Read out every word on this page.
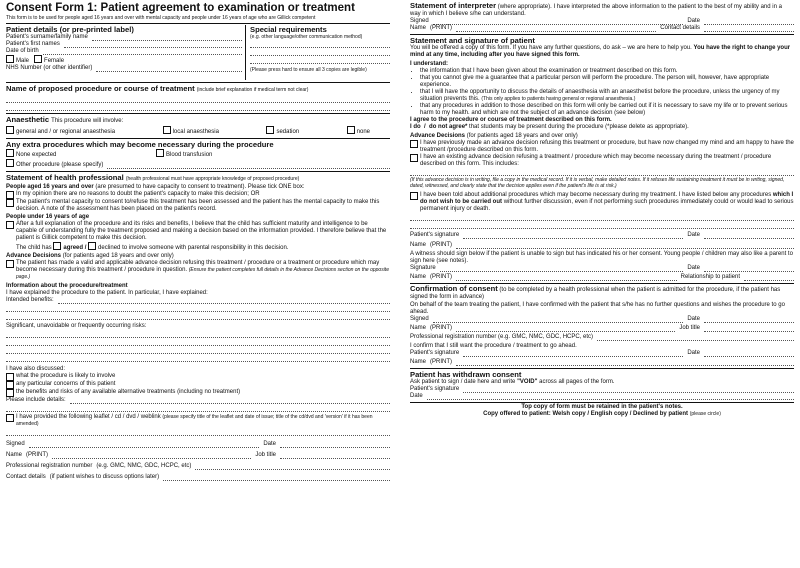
Consent Form 1: Patient agreement to examination or treatment
This form is to be used for people aged 16 years and over with mental capacity and people under 16 years of age who are Gillick competent
Patient details (or pre-printed label)
Patient's surname/family name
Patient's first names
Date of birth
Male	Female
NHS Number (or other identifier)
Special requirements
(e.g. other language/other communication method)
(Please press hard to ensure all 3 copies are legible)
Name of proposed procedure or course of treatment (include brief explanation if medical term not clear)
Anaesthetic This procedure will involve:
general and / or regional anaesthesia	local anaesthesia	sedation	none
Any extra procedures which may become necessary during the procedure
None expected	Blood transfusion
Other procedure (please specify)
Statement of health professional (health professional must have appropriate knowledge of proposed procedure)
People aged 16 years and over (are presumed to have capacity to consent to treatment). Please tick ONE box:
In my opinion there are no reasons to doubt the patient's capacity to make this decision; OR
The patient's mental capacity to consent to/refuse this treatment has been assessed and the patient has the mental capacity to make this decision. A note of the assessment has been placed on the patient's record.
People under 16 years of age
After a full explanation of the procedure and its risks and benefits, I believe that the child has sufficient maturity and intelligence to be capable of understanding fully the treatment proposed and making a decision based on the information provided. I therefore believe that the patient is Gillick competent to make this decision.
The child has agreed / declined to involve someone with parental responsibility in this decision.
Advance Decisions (for patients aged 18 years and over only)
The patient has made a valid and applicable advance decision refusing this treatment / procedure or a treatment or procedure which may become necessary during this treatment / procedure in question. (Ensure the patient completes full details in the Advance Decisions section on the opposite page.)
Information about the procedure/treatment
I have explained the procedure to the patient. In particular, I have explained:
Intended benefits:
Significant, unavoidable or frequently occurring risks:
I have also discussed:
what the procedure is likely to involve
any particular concerns of this patient
the benefits and risks of any available alternative treatments (including no treatment)
Please include details:
I have provided the following leaflet / cd / dvd / weblink (please specify title of the leaflet and date of issue; title of the cd/dvd and 'version' if it has been amended)
Signed	Date
Name (PRINT)	Job title
Professional registration number (e.g. GMC, NMC, GDC, HCPC, etc)
Contact details (if patient wishes to discuss options later)
Statement of interpreter (where appropriate). I have interpreted the above information to the patient to the best of my ability and in a way in which I believe s/he can understand.
Signed	Date
Name (PRINT)	Contact details
Statement and signature of patient
You will be offered a copy of this form. If you have any further questions, do ask – we are here to help you. You have the right to change your mind at any time, including after you have signed this form.
I understand:
• the information that I have been given about the examination or treatment described on this form.
• that you cannot give me a guarantee that a particular person will perform the procedure. The person will, however, have appropriate experience.
• that I will have the opportunity to discuss the details of anaesthesia with an anaesthetist before the procedure, unless the urgency of my situation prevents this. (This only applies to patients having general or regional anaesthesia.)
• that any procedures in addition to those described on this form will only be carried out if it is necessary to save my life or to prevent serious harm to my health. and which are not the subject of an advance decision (see below)
I agree to the procedure or course of treatment described on this form.
I do / do not agree* that students may be present during the procedure (*please delete as appropriate).
Advance Decisions (for patients aged 18 years and over only)
I have previously made an advance decision refusing this treatment or procedure, but have now changed my mind and am happy to have the treatment /procedure described on this form.
I have an existing advance decision refusing a treatment / procedure which may become necessary during the treatment / procedure described on this form. This includes:
(If this advance decision is in writing, file a copy in the medical record. If it is verbal, make detailed notes. If it refuses life sustaining treatment it must be in writing, signed, dated, witnessed, and clearly state that the decision applies even if the patient's life is at risk.)
I have been told about additional procedures which may become necessary during my treatment. I have listed below any procedures which I do not wish to be carried out without further discussion, even if not performing such procedures immediately could or would lead to serious permanent injury or death.
Patient's signature	Date
Name (PRINT)
A witness should sign below if the patient is unable to sign but has indicated his or her consent. Young people / children may also like a parent to sign here (see notes).
Signature	Date
Name (PRINT)	Relationship to patient
Confirmation of consent (to be completed by a health professional when the patient is admitted for the procedure, if the patient has signed the form in advance)
On behalf of the team treating the patient, I have confirmed with the patient that s/he has no further questions and wishes the procedure to go ahead.
Signed	Date
Name (PRINT)	Job title
Professional registration number (e.g. GMC, NMC, GDC, HCPC, etc)
I confirm that I still want the procedure / treatment to go ahead.
Patient's signature	Date
Name (PRINT)
Patient has withdrawn consent
Ask patient to sign / date here and write "VOID" across all pages of the form.
Patient's signature
Date
Top copy of form must be retained in the patient's notes.
Copy offered to patient: Welsh copy / English copy / Declined by patient (please circle)
